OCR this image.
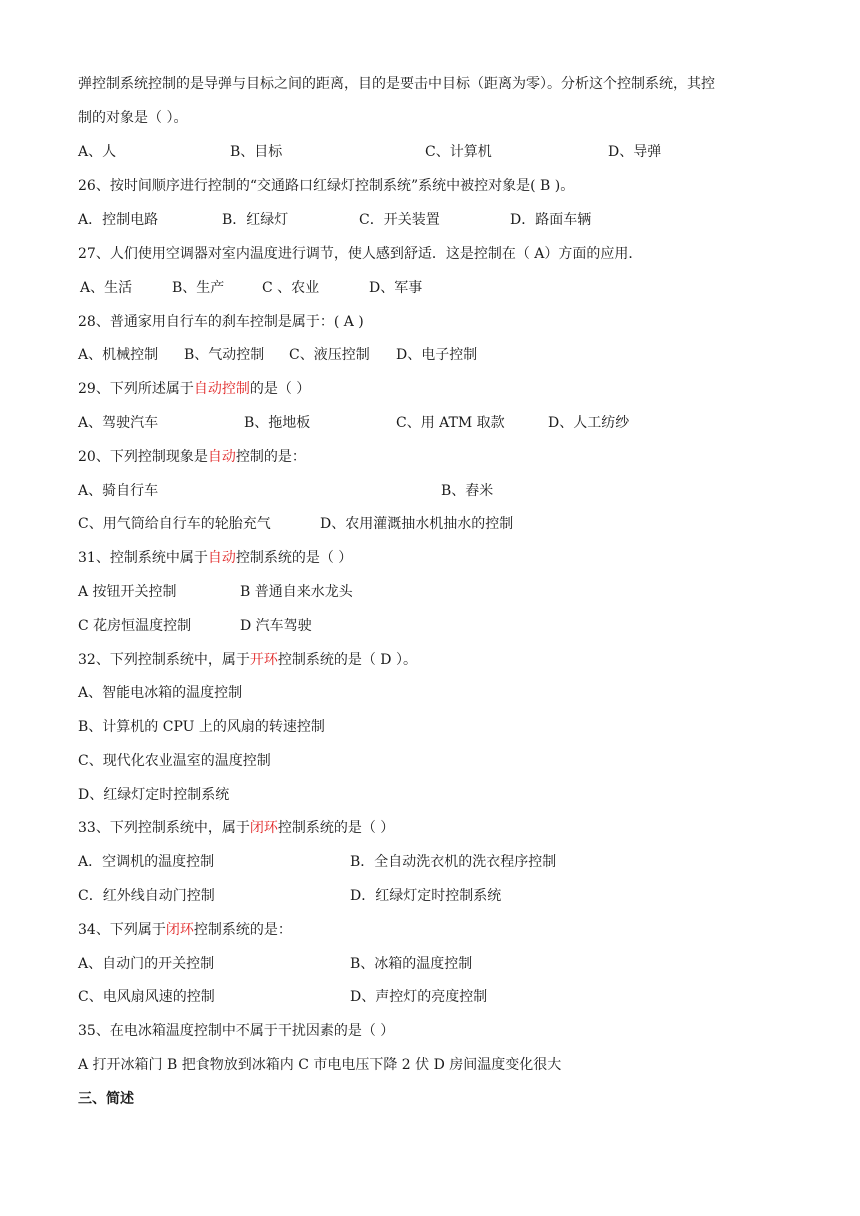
弹控制系统控制的是导弹与目标之间的距离，目的是要击中目标（距离为零）。分析这个控制系统，其控
制的对象是（ ）。
A、人	B、目标	C、计算机	D、导弹
26、按时间顺序进行控制的“交通路口红绿灯控制系统”系统中被控对象是( B )。
A．控制电路	B．红绿灯	C．开关装置	D．路面车辆
27、人们使用空调器对室内温度进行调节，使人感到舒适．这是控制在（ A）方面的应用．
A、生活	B、生产	C 、农业	D、军事
28、普通家用自行车的刹车控制是属于：( A )
A、机械控制 B、气动控制 C、液压控制 D、电子控制
29、下列所述属于自动控制的是（ ）
A、驾驶汽车	B、拖地板	C、用 ATM 取款	D、人工纺纱
20、下列控制现象是自动控制的是：
A、骑自行车	B、舂米
C、用气筒给自行车的轮胎充气	D、农用灌溉抽水机抽水的控制
31、控制系统中属于自动控制系统的是（ ）
A 按钮开关控制	B 普通自来水龙头
C 花房恒温度控制	D 汽车驾驶
32、下列控制系统中，属于开环控制系统的是（ D ）。
A、智能电冰箱的温度控制
B、计算机的 CPU 上的风扇的转速控制
C、现代化农业温室的温度控制
D、红绿灯定时控制系统
33、下列控制系统中，属于闭环控制系统的是（ ）
A．空调机的温度控制	B．全自动洗衣机的洗衣程序控制
C．红外线自动门控制	D．红绿灯定时控制系统
34、下列属于闭环控制系统的是：
A、自动门的开关控制	B、冰箱的温度控制
C、电风扇风速的控制	D、声控灯的亮度控制
35、在电冰箱温度控制中不属于干扰因素的是（ ）
A 打开冰箱门 B 把食物放到冰箱内 C 市电电压下降 2 伏 D 房间温度变化很大
三、简述
